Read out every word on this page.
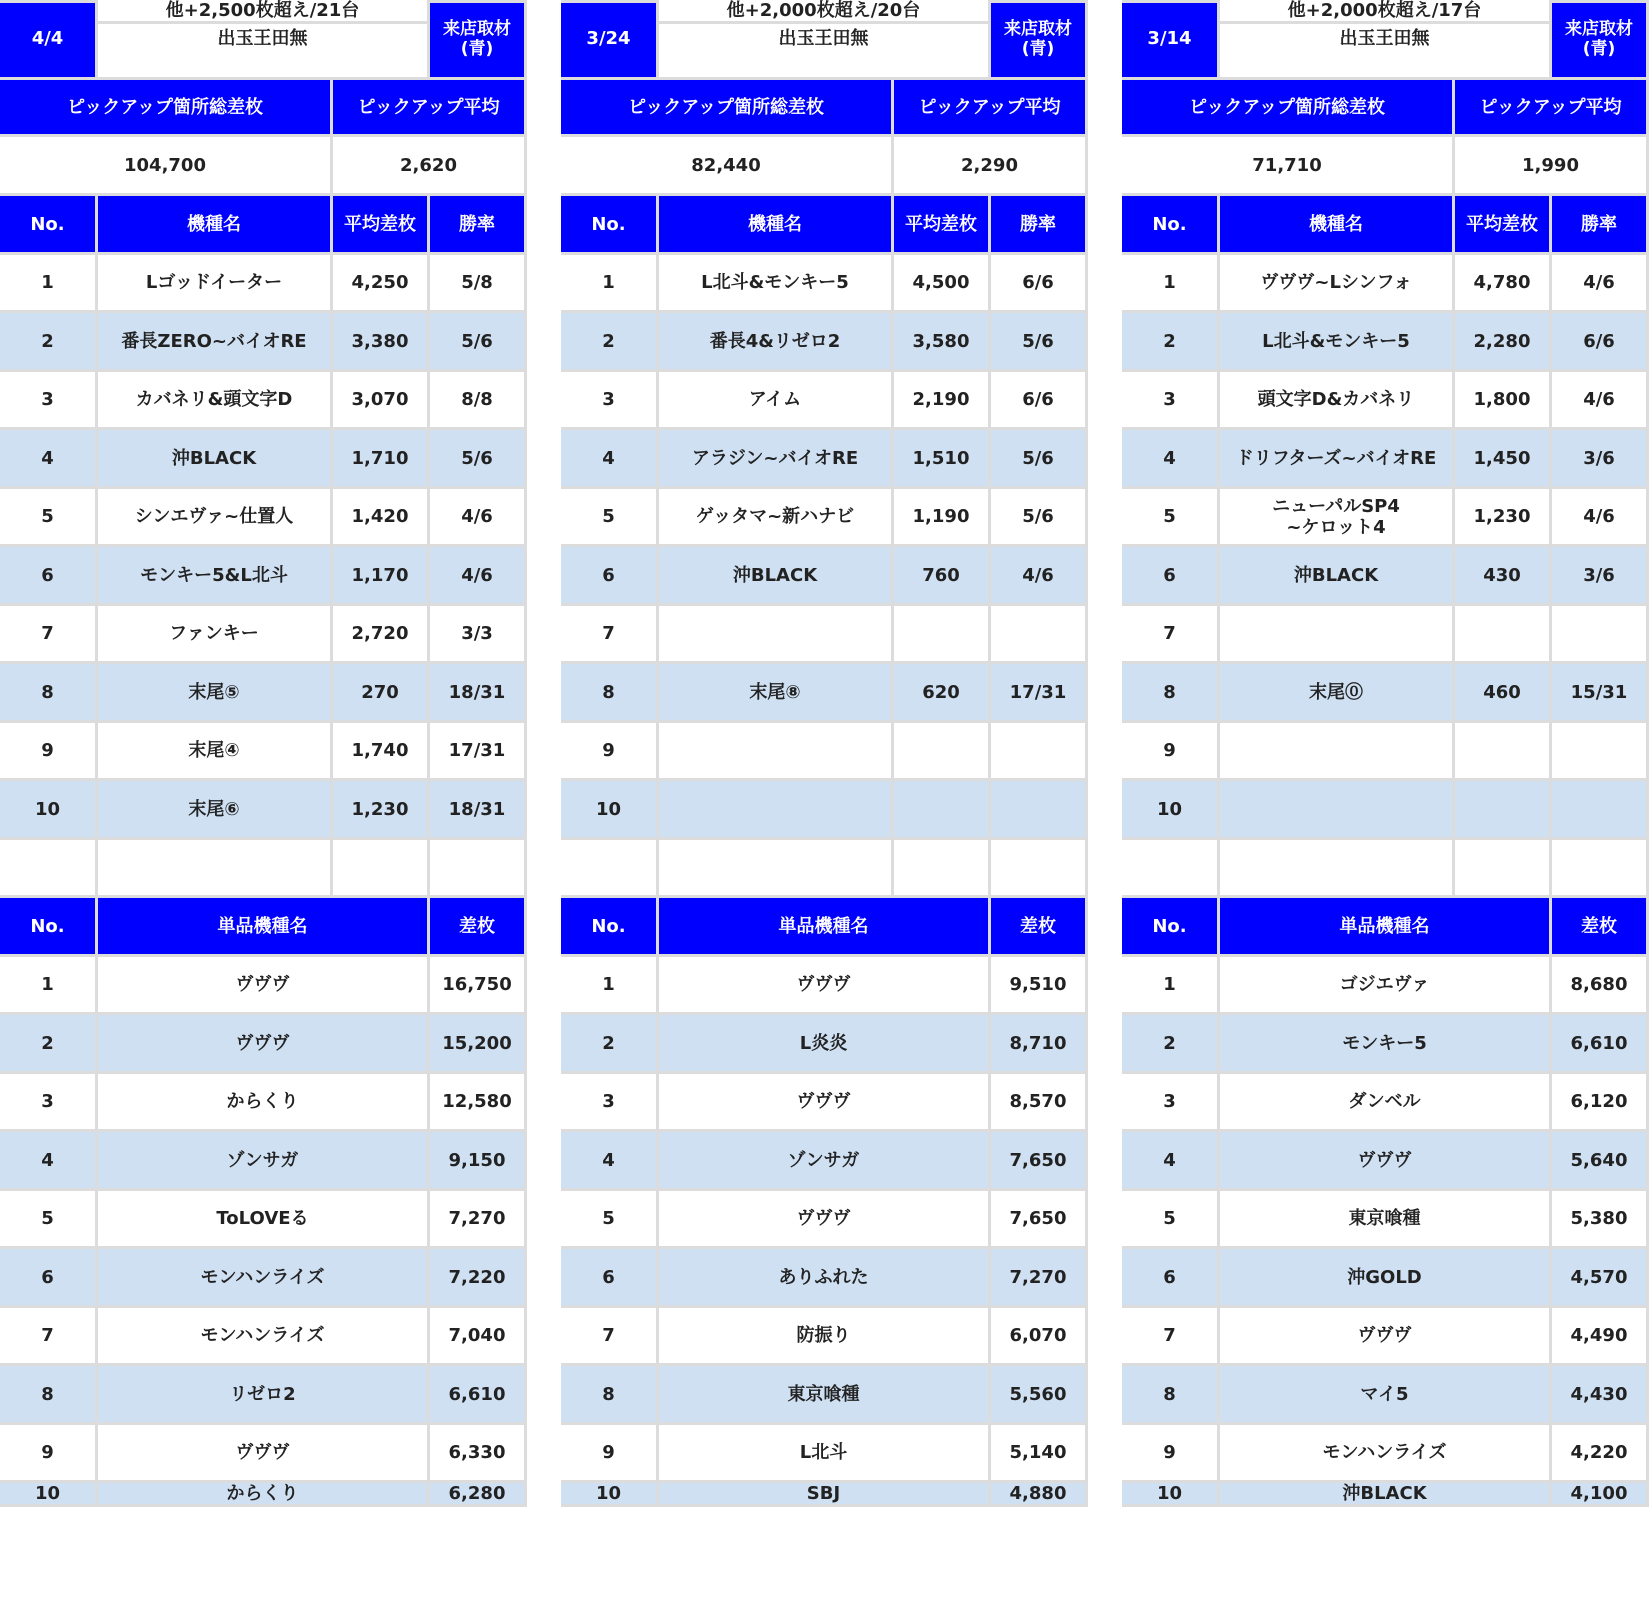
4/4	出玉王田無	来店取材
(青)
ピックアップ箇所総差枚	ピックアップ平均
104,700	2,620
No.	機種名	平均差枚	勝率
1	Lゴッドイーター	4,250	5/8
2	番長ZERO~バイオRE	3,380	5/6
3	カバネリ&頭文字D	3,070	8/8
4	沖BLACK	1,710	5/6
5	シンエヴァ~仕置人	1,420	4/6
6	モンキー5&L北斗	1,170	4/6
7	ファンキー	2,720	3/3
8	末尾⑤	270	18/31
9	末尾④	1,740	17/31
10	末尾⑥	1,230	18/31
No.	単品機種名	差枚
1	ヴヴヴ	16,750
2	ヴヴヴ	15,200
3	からくり	12,580
4	ゾンサガ	9,150
5	ToLOVEる	7,270
6	モンハンライズ	7,220
7	モンハンライズ	7,040
8	リゼロ2	6,610
9	ヴヴヴ	6,330
10	からくり	6,280
他+2,500枚超え/21台
3/24	出玉王田無	来店取材
(青)
ピックアップ箇所総差枚	ピックアップ平均
82,440	2,290
No.	機種名	平均差枚	勝率
1	L北斗&モンキー5	4,500	6/6
2	番長4&リゼロ2	3,580	5/6
3	アイム	2,190	6/6
4	アラジン~バイオRE	1,510	5/6
5	ゲッタマ~新ハナビ	1,190	5/6
6	沖BLACK	760	4/6
7
8	末尾⑧	620	17/31
9
10
No.	単品機種名	差枚
1	ヴヴヴ	9,510
2	L炎炎	8,710
3	ヴヴヴ	8,570
4	ゾンサガ	7,650
5	ヴヴヴ	7,650
6	ありふれた	7,270
7	防振り	6,070
8	東京喰種	5,560
9	L北斗	5,140
10	SBJ	4,880
他+2,000枚超え/20台
3/14	出玉王田無	来店取材
(青)
ピックアップ箇所総差枚	ピックアップ平均
71,710	1,990
No.	機種名	平均差枚	勝率
1	ヴヴヴ~Lシンフォ	4,780	4/6
2	L北斗&モンキー5	2,280	6/6
3	頭文字D&カバネリ	1,800	4/6
4	ドリフターズ~バイオRE	1,450	3/6
5	ニューパルSP4
~ケロット4	1,230	4/6
6	沖BLACK	430	3/6
7
8	末尾⓪	460	15/31
9
10
No.	単品機種名	差枚
1	ゴジエヴァ	8,680
2	モンキー5	6,610
3	ダンベル	6,120
4	ヴヴヴ	5,640
5	東京喰種	5,380
6	沖GOLD	4,570
7	ヴヴヴ	4,490
8	マイ5	4,430
9	モンハンライズ	4,220
10	沖BLACK	4,100
他+2,000枚超え/17台
